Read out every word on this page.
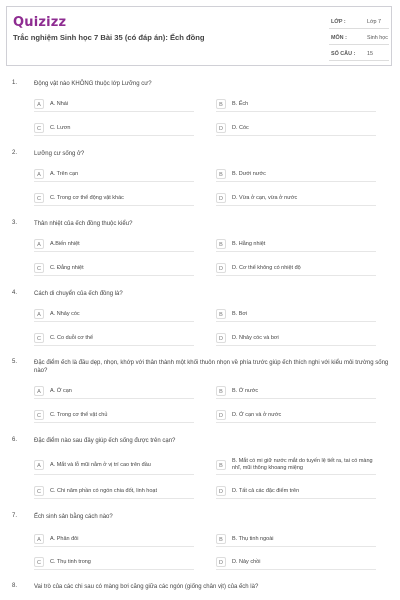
Quizizz
Trắc nghiệm Sinh học 7 Bài 35 (có đáp án): Ếch đồng
LỚP :	Lớp 7
MÔN :	Sinh học
SỐ CÂU : 15
1.	Động vật nào KHÔNG thuộc lớp Lưỡng cư?
A	A. Nhái	B	B. Ếch
C	C. Lươn	D	D. Cóc
2.	Lưỡng cư sống ở?
A	A. Trên cạn	B	B. Dưới nước
C	C. Trong cơ thể động vật khác	D	D. Vừa ở cạn, vừa ở nước
3.	Thân nhiệt của ếch đồng thuộc kiểu?
A	A.Biến nhiệt	B	B. Hằng nhiệt
C	C. Đẳng nhiệt	D	D. Cơ thể không có nhiệt độ
4.	Cách di chuyển của ếch đồng là?
A	A. Nhảy cóc	B	B. Bơi
C	C. Co duỗi cơ thể	D	D. Nhảy cóc và bơi
5.	Đặc điểm ếch là đầu dẹp, nhọn, khớp với thân thành một khối thuôn nhọn về phía trước giúp ếch thích nghi với kiểu môi trường sống nào?
A	A. Ở cạn	B	B. Ở nước
C	C. Trong cơ thể vật chủ	D	D. Ở cạn và ở nước
6.	Đặc điểm nào sau đây giúp ếch sống được trên cạn?
A	A. Mắt và lỗ mũi nằm ở vị trí cao trên đầu	B
B. Mắt có mi giữ nước mắt do tuyến lệ tiết ra, tai có màng nhĩ, mũi thông khoang miệng
C	C. Chi năm phần có ngón chia đốt, linh hoạt	D	D. Tất cả các đặc điểm trên
7.	Ếch sinh sản bằng cách nào?
A	A. Phân đôi	B	B. Thụ tinh ngoài
C	C. Thụ tinh trong	D	D. Nảy chồi
8.	Vai trò của các chi sau có màng bơi căng giữa các ngón (giống chân vịt) của ếch là?
